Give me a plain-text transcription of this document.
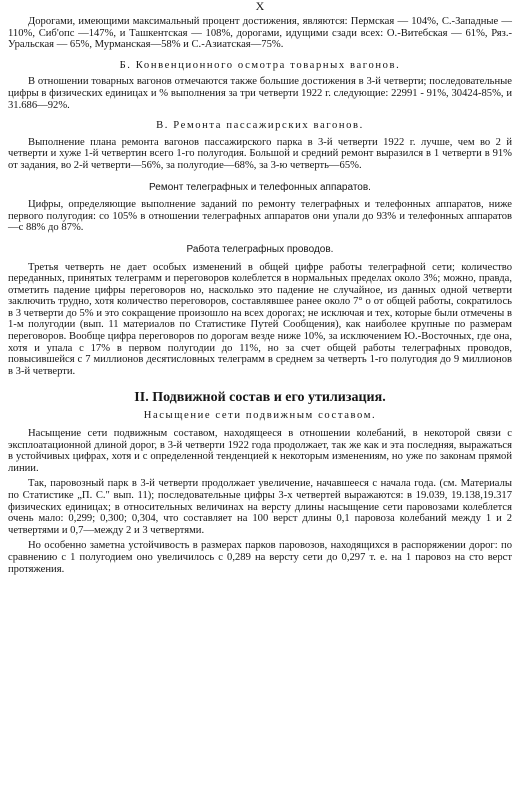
X

Дорогами, имеющими максимальный процент достижения, являются: Пермская — 104%, С.-Западные — 110%, Сиб'опс —147%, и Ташкентская — 108%, дорогами, идущими сзади всех: О.-Витебская — 61%, Ряз.-Уральская — 65%, Мурманская—58% и С.-Азиатская—75%.

Б. Конвенционного осмотра товарных вагонов.

В отношении товарных вагонов отмечаются также большие достижения в 3-й четверти; последовательные цифры в физических единицах и % выполнения за три четверти 1922 г. следующие: 22991 - 91%, 30424-85%, и 31.686—92%.

В. Ремонта пассажирских вагонов.

Выполнение плана ремонта вагонов пассажирского парка в 3-й четверти 1922 г. лучше, чем во 2 й четверти и хуже 1-й четвертин всего 1-го полугодия. Большой и средний ремонт выразился в 1 четверти в 91% от задания, во 2-й четверти—56%, за полугодие—68%, за 3-ю четверть—65%.

Ремонт телеграфных и телефонных аппаратов.

Цифры, определяющие выполнение заданий по ремонту телеграфных и телефонных аппаратов, ниже первого полугодия: со 105% в отношении телеграфных аппаратов они упали до 93% и телефонных аппаратов—с 88% до 87%.

Работа телеграфных проводов.

Третья четверть не дает особых изменений в общей цифре работы телеграфной сети; количество переданных, принятых телеграмм и переговоров колеблется в нормальных пределах около 3%; можно, правда, отметить падение цифры переговоров но, насколько это падение не случайное, из данных одной четверти заключить трудно, хотя количество переговоров, составлявшее ранее около 7° о от общей работы, сократилось в 3 четверти до 5% и это сокращение произошло на всех дорогах; не исключая и тех, которые были отмечены в 1-м полугодии (вып. 11 материалов по Статистике Путей Сообщения), как наиболее крупные по размерам переговоров. Вообще цифра переговоров по дорогам везде ниже 10%, за исключением Ю.-Восточных, где она, хотя и упала с 17% в первом полугодии до 11%, но за счет общей работы телеграфных проводов, повысившейся с 7 миллионов десятисловных телеграмм в среднем за четверть 1-го полугодия до 9 миллионов в 3-й четверти.

II. Подвижной состав и его утилизация.
Насыщение сети подвижным составом.

Насыщение сети подвижным составом, находящееся в отношении колебаний, в некоторой связи с эксплоатационной длиной дорог, в 3-й четверти 1922 года продолжает, так же как и эта последняя, выражаться в устойчивых цифрах, хотя и с определенной тенденцией к некоторым изменениям, но уже по законам прямой линии.

Так, паровозный парк в 3-й четверти продолжает увеличение, начавшееся с начала года. (см. Материалы по Статистике „П. С." вып. 11); последовательные цифры 3-х четвертей выражаются: в 19.039, 19.138,19.317 физических единицах; в относительных величинах на версту длины насыщение сети паровозами колеблется очень мало: 0,299; 0,300; 0,304, что составляет на 100 верст длины 0,1 паровоза колебаний между 1 и 2 четвертями и 0,7—между 2 и 3 четвертями.

Но особенно заметна устойчивость в размерах парков паровозов, находящихся в распоряжении дорог: по сравнению с 1 полугодием оно увеличилось с 0,289 на версту сети до 0,297 т. е. на 1 паровоз на сто верст протяжения.
